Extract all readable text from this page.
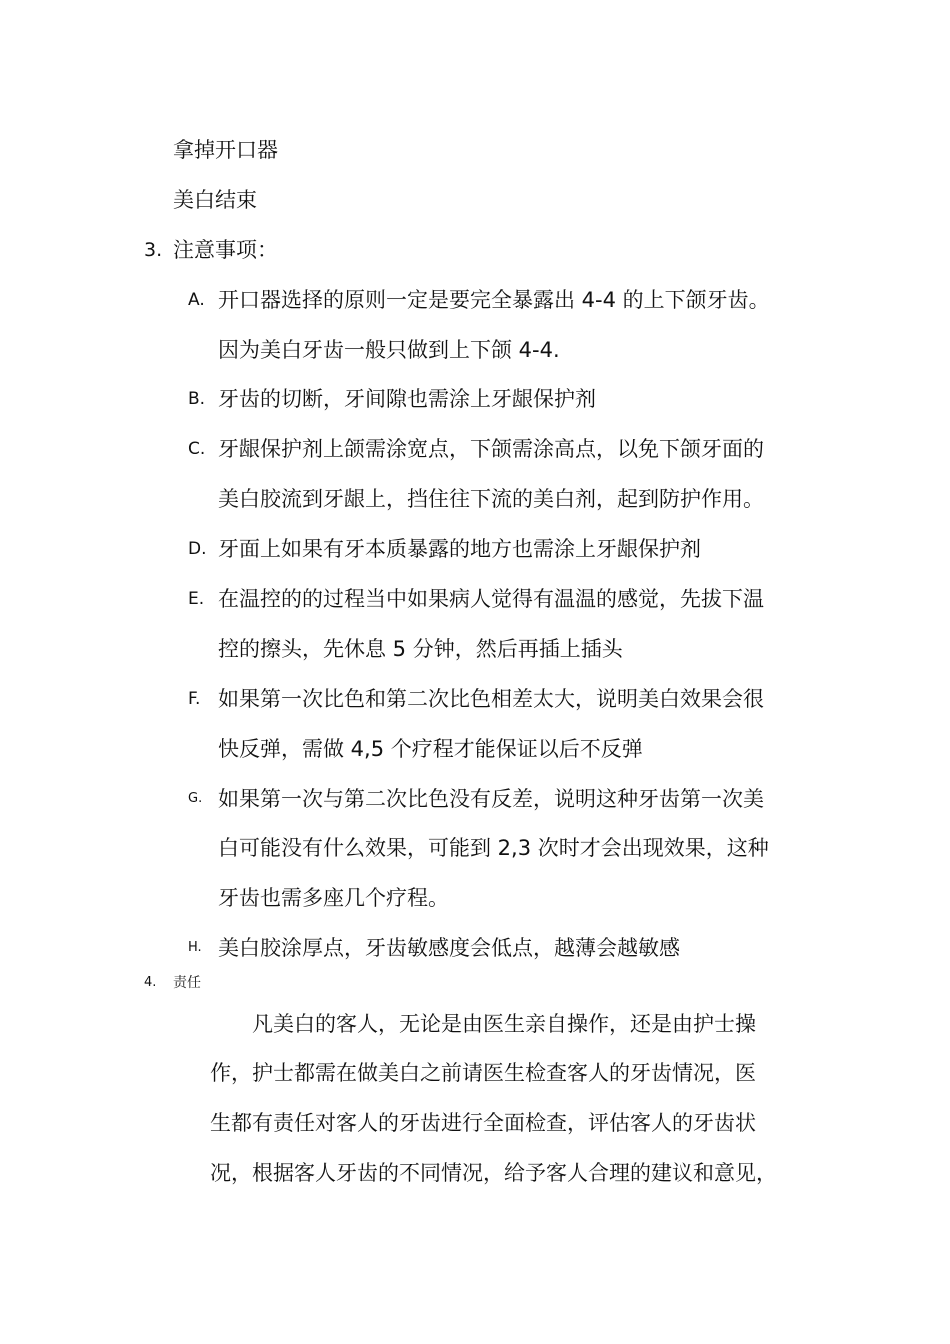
拿掉开口器
美白结束
3. 注意事项：
A. 开口器选择的原则一定是要完全暴露出 4-4 的上下颌牙齿。
因为美白牙齿一般只做到上下颌 4-4.
B. 牙齿的切断，牙间隙也需涂上牙龈保护剂
C. 牙龈保护剂上颌需涂宽点，下颌需涂高点，以免下颌牙面的
美白胶流到牙龈上，挡住往下流的美白剂，起到防护作用。
D. 牙面上如果有牙本质暴露的地方也需涂上牙龈保护剂
E. 在温控的的过程当中如果病人觉得有温温的感觉，先拔下温
控的擦头，先休息 5 分钟，然后再插上插头
F. 如果第一次比色和第二次比色相差太大，说明美白效果会很
快反弹，需做 4,5 个疗程才能保证以后不反弹
G. 如果第一次与第二次比色没有反差，说明这种牙齿第一次美
白可能没有什么效果，可能到 2,3 次时才会出现效果，这种
牙齿也需多座几个疗程。
H. 美白胶涂厚点，牙齿敏感度会低点，越薄会越敏感
4. 责任
凡美白的客人，无论是由医生亲自操作，还是由护士操
作，护士都需在做美白之前请医生检查客人的牙齿情况，医
生都有责任对客人的牙齿进行全面检查，评估客人的牙齿状
况，根据客人牙齿的不同情况，给予客人合理的建议和意见，
